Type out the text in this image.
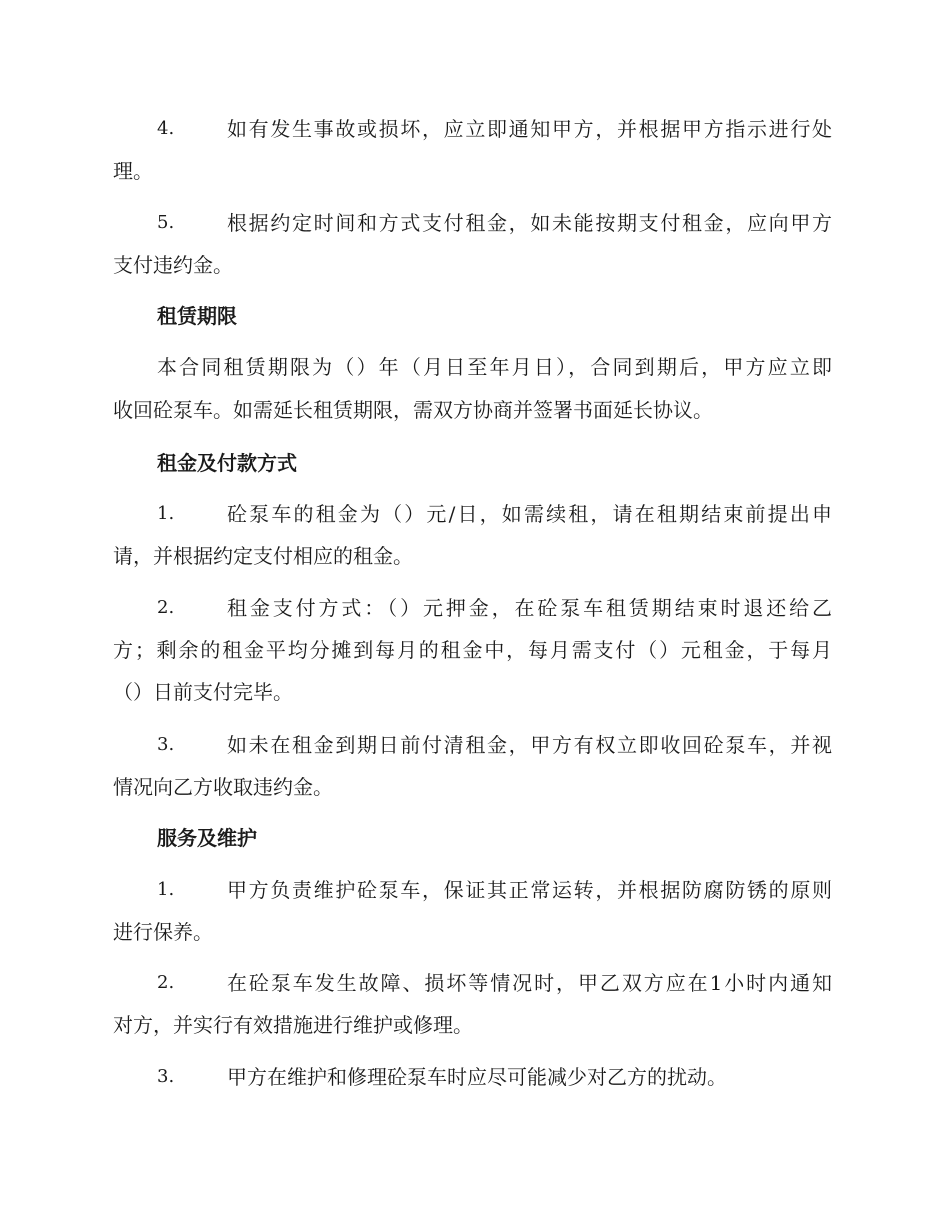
4.	如有发生事故或损坏，应立即通知甲方，并根据甲方指示进行处
理。
5.	根据约定时间和方式支付租金，如未能按期支付租金，应向甲方
支付违约金。
租赁期限
本合同租赁期限为（）年（月日至年月日），合同到期后，甲方应立即
收回砼泵车。如需延长租赁期限，需双方协商并签署书面延长协议。
租金及付款方式
1.	砼泵车的租金为（）元/日，如需续租，请在租期结束前提出申
请，并根据约定支付相应的租金。
2.	租金支付方式：（）元押金，在砼泵车租赁期结束时退还给乙
方；剩余的租金平均分摊到每月的租金中，每月需支付（）元租金，于每月
（）日前支付完毕。
3.	如未在租金到期日前付清租金，甲方有权立即收回砼泵车，并视
情况向乙方收取违约金。
服务及维护
1.	甲方负责维护砼泵车，保证其正常运转，并根据防腐防锈的原则
进行保养。
2.	在砼泵车发生故障、损坏等情况时，甲乙双方应在1小时内通知
对方，并实行有效措施进行维护或修理。
3.	甲方在维护和修理砼泵车时应尽可能减少对乙方的扰动。
